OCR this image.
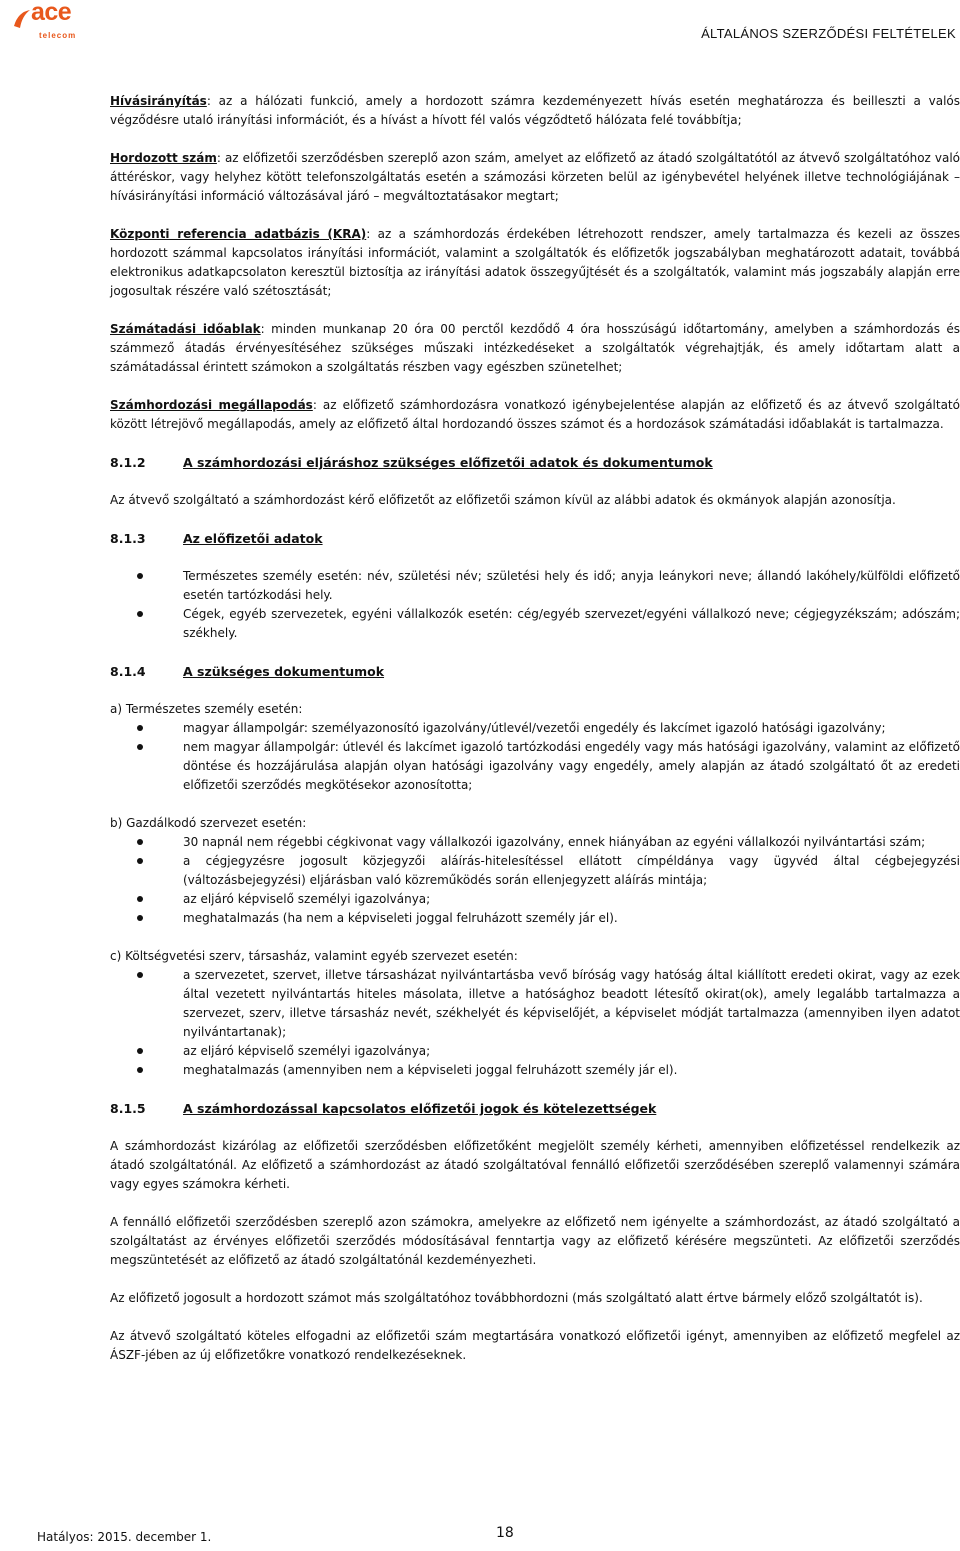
ace
telecom	ÁLTALÁNOS SZERZŐDÉSI FELTÉTELEK

Hívásirányítás: az a hálózati funkció, amely a hordozott számra kezdeményezett hívás esetén meghatározza és beilleszti a valós végződésre utaló irányítási információt, és a hívást a hívott fél valós végződtető hálózata felé továbbítja;

Hordozott szám: az előfizetői szerződésben szereplő azon szám, amelyet az előfizető az átadó szolgáltatótól az átvevő szolgáltatóhoz való áttéréskor, vagy helyhez kötött telefonszolgáltatás esetén a számozási körzeten belül az igénybevétel helyének illetve technológiájának – hívásirányítási információ változásával járó – megváltoztatásakor megtart;

Központi referencia adatbázis (KRA): az a számhordozás érdekében létrehozott rendszer, amely tartalmazza és kezeli az összes hordozott számmal kapcsolatos irányítási információt, valamint a szolgáltatók és előfizetők jogszabályban meghatározott adatait, továbbá elektronikus adatkapcsolaton keresztül biztosítja az irányítási adatok összegyűjtését és a szolgáltatók, valamint más jogszabály alapján erre jogosultak részére való szétosztását;

Számátadási időablak: minden munkanap 20 óra 00 perctől kezdődő 4 óra hosszúságú időtartomány, amelyben a számhordozás és számmező átadás érvényesítéséhez szükséges műszaki intézkedéseket a szolgáltatók végrehajtják, és amely időtartam alatt a számátadással érintett számokon a szolgáltatás részben vagy egészben szünetelhet;

Számhordozási megállapodás: az előfizető számhordozásra vonatkozó igénybejelentése alapján az előfizető és az átvevő szolgáltató között létrejövő megállapodás, amely az előfizető által hordozandó összes számot és a hordozások számátadási időablakát is tartalmazza.

8.1.2	A számhordozási eljáráshoz szükséges előfizetői adatok és dokumentumok

Az átvevő szolgáltató a számhordozást kérő előfizetőt az előfizetői számon kívül az alábbi adatok és okmányok alapján azonosítja.

8.1.3	Az előfizetői adatok
Természetes személy esetén: név, születési név; születési hely és idő; anyja leánykori neve; állandó lakóhely/külföldi előfizető esetén tartózkodási hely.
Cégek, egyéb szervezetek, egyéni vállalkozók esetén: cég/egyéb szervezet/egyéni vállalkozó neve; cégjegyzékszám; adószám; székhely.
8.1.4	A szükséges dokumentumok

a) Természetes személy esetén:

magyar állampolgár: személyazonosító igazolvány/útlevél/vezetői engedély és lakcímet igazoló hatósági igazolvány;
nem magyar állampolgár: útlevél és lakcímet igazoló tartózkodási engedély vagy más hatósági igazolvány, valamint az előfizető döntése és hozzájárulása alapján olyan hatósági igazolvány vagy engedély, amely alapján az átadó szolgáltató őt az eredeti előfizetői szerződés megkötésekor azonosította;

b) Gazdálkodó szervezet esetén:

30 napnál nem régebbi cégkivonat vagy vállalkozói igazolvány, ennek hiányában az egyéni vállalkozói nyilvántartási szám;
a cégjegyzésre jogosult közjegyzői aláírás-hitelesítéssel ellátott címpéldánya vagy ügyvéd által cégbejegyzési (változásbejegyzési) eljárásban való közreműködés során ellenjegyzett aláírás mintája;
az eljáró képviselő személyi igazolványa;
meghatalmazás (ha nem a képviseleti joggal felruházott személy jár el).

c) Költségvetési szerv, társasház, valamint egyéb szervezet esetén:

a szervezetet, szervet, illetve társasházat nyilvántartásba vevő bíróság vagy hatóság által kiállított eredeti okirat, vagy az ezek által vezetett nyilvántartás hiteles másolata, illetve a hatósághoz beadott létesítő okirat(ok), amely legalább tartalmazza a szervezet, szerv, illetve társasház nevét, székhelyét és képviselőjét, a képviselet módját tartalmazza (amennyiben ilyen adatot nyilvántartanak);
az eljáró képviselő személyi igazolványa;
meghatalmazás (amennyiben nem a képviseleti joggal felruházott személy jár el).
8.1.5	A számhordozással kapcsolatos előfizetői jogok és kötelezettségek

A számhordozást kizárólag az előfizetői szerződésben előfizetőként megjelölt személy kérheti, amennyiben előfizetéssel rendelkezik az átadó szolgáltatónál. Az előfizető a számhordozást az átadó szolgáltatóval fennálló előfizetői szerződésében szereplő valamennyi számára vagy egyes számokra kérheti.

A fennálló előfizetői szerződésben szereplő azon számokra, amelyekre az előfizető nem igényelte a számhordozást, az átadó szolgáltató a szolgáltatást az érvényes előfizetői szerződés módosításával fenntartja vagy az előfizető kérésére megszünteti. Az előfizetői szerződés megszüntetését az előfizető az átadó szolgáltatónál kezdeményezheti.

Az előfizető jogosult a hordozott számot más szolgáltatóhoz továbbhordozni (más szolgáltató alatt értve bármely előző szolgáltatót is).

Az átvevő szolgáltató köteles elfogadni az előfizetői szám megtartására vonatkozó előfizetői igényt, amennyiben az előfizető megfelel az ÁSZF-jében az új előfizetőkre vonatkozó rendelkezéseknek.

Hatályos: 2015. december 1.	18
